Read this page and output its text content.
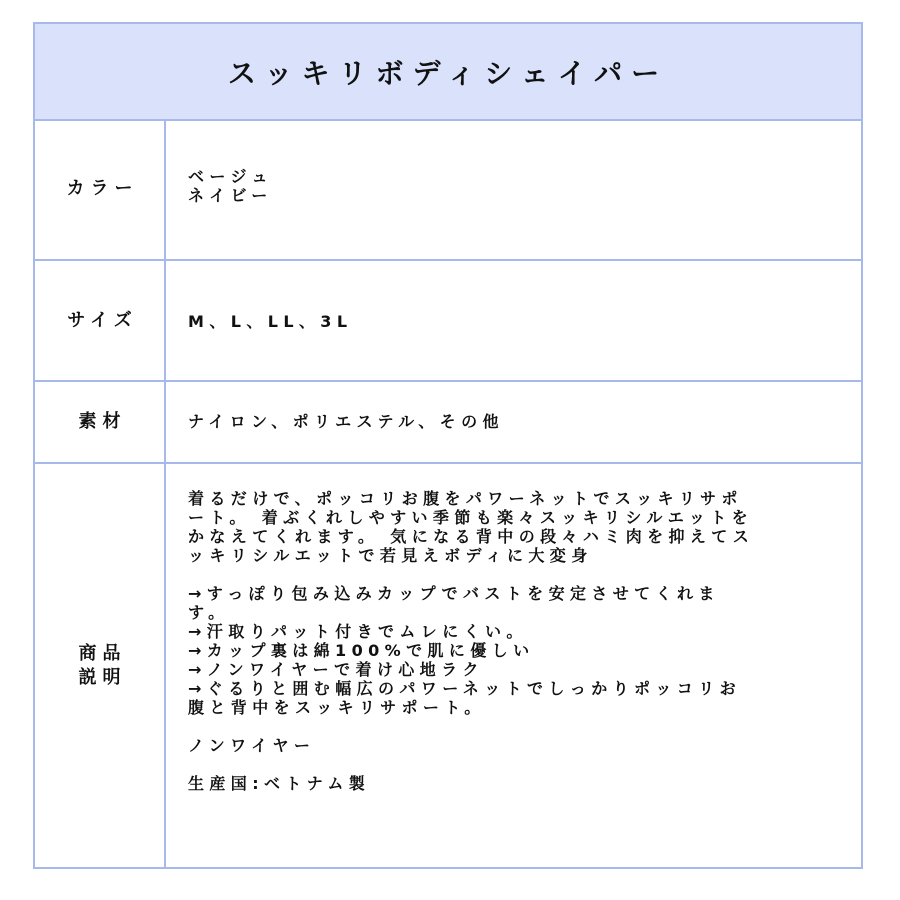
スッキリボディシェイパー
カラー
ベージュ
ネイビー
サイズ	M、L、LL、3L
素材	ナイロン、ポリエステル、その他
商品
説明
着るだけで、ポッコリお腹をパワーネットでスッキリサポ
ート。 着ぶくれしやすい季節も楽々スッキリシルエットを
かなえてくれます。 気になる背中の段々ハミ肉を抑えてス
ッキリシルエットで若見えボディに大変身
→すっぽり包み込みカップでバストを安定させてくれま
す。
→汗取りパット付きでムレにくい。
→カップ裏は綿100%で肌に優しい
→ノンワイヤーで着け心地ラク
→ぐるりと囲む幅広のパワーネットでしっかりポッコリお
腹と背中をスッキリサポート。
ノンワイヤー
生産国:ベトナム製
